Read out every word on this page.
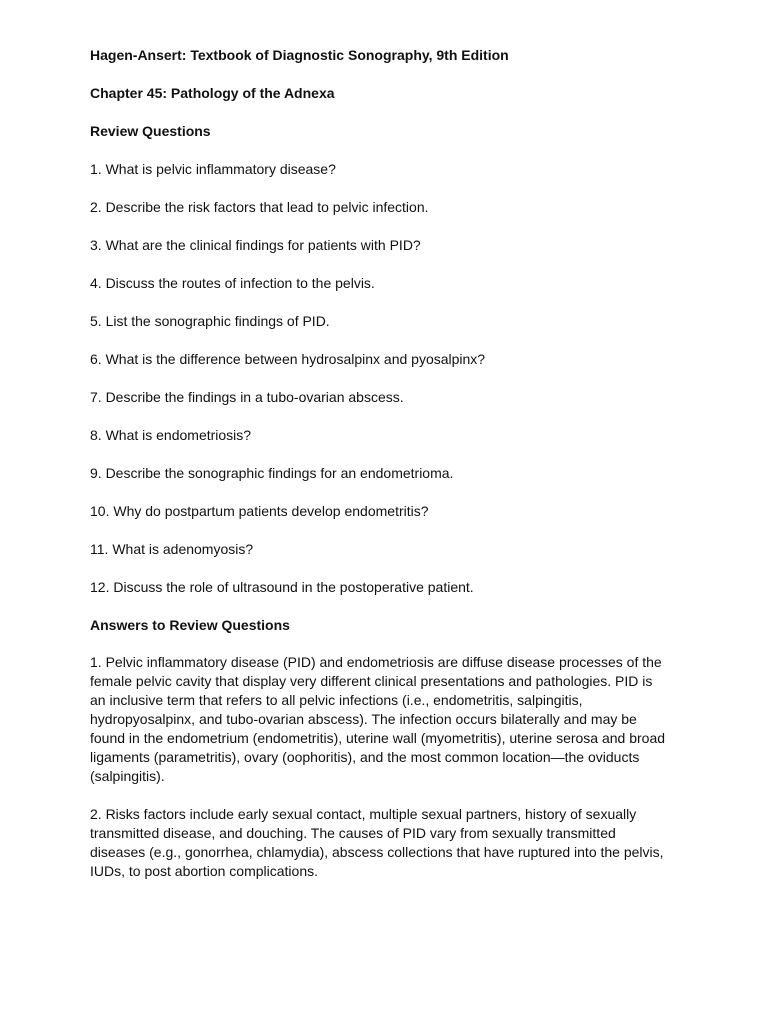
Hagen-Ansert: Textbook of Diagnostic Sonography, 9th Edition
Chapter 45: Pathology of the Adnexa
Review Questions
1. What is pelvic inflammatory disease?
2. Describe the risk factors that lead to pelvic infection.
3. What are the clinical findings for patients with PID?
4. Discuss the routes of infection to the pelvis.
5. List the sonographic findings of PID.
6. What is the difference between hydrosalpinx and pyosalpinx?
7. Describe the findings in a tubo-ovarian abscess.
8. What is endometriosis?
9. Describe the sonographic findings for an endometrioma.
10. Why do postpartum patients develop endometritis?
11. What is adenomyosis?
12. Discuss the role of ultrasound in the postoperative patient.
Answers to Review Questions

1. Pelvic inflammatory disease (PID) and endometriosis are diffuse disease processes of the female pelvic cavity that display very different clinical presentations and pathologies. PID is an inclusive term that refers to all pelvic infections (i.e., endometritis, salpingitis, hydropyosalpinx, and tubo-ovarian abscess). The infection occurs bilaterally and may be found in the endometrium (endometritis), uterine wall (myometritis), uterine serosa and broad ligaments (parametritis), ovary (oophoritis), and the most common location—the oviducts (salpingitis).

2. Risks factors include early sexual contact, multiple sexual partners, history of sexually transmitted disease, and douching. The causes of PID vary from sexually transmitted diseases (e.g., gonorrhea, chlamydia), abscess collections that have ruptured into the pelvis, IUDs, to post abortion complications.
